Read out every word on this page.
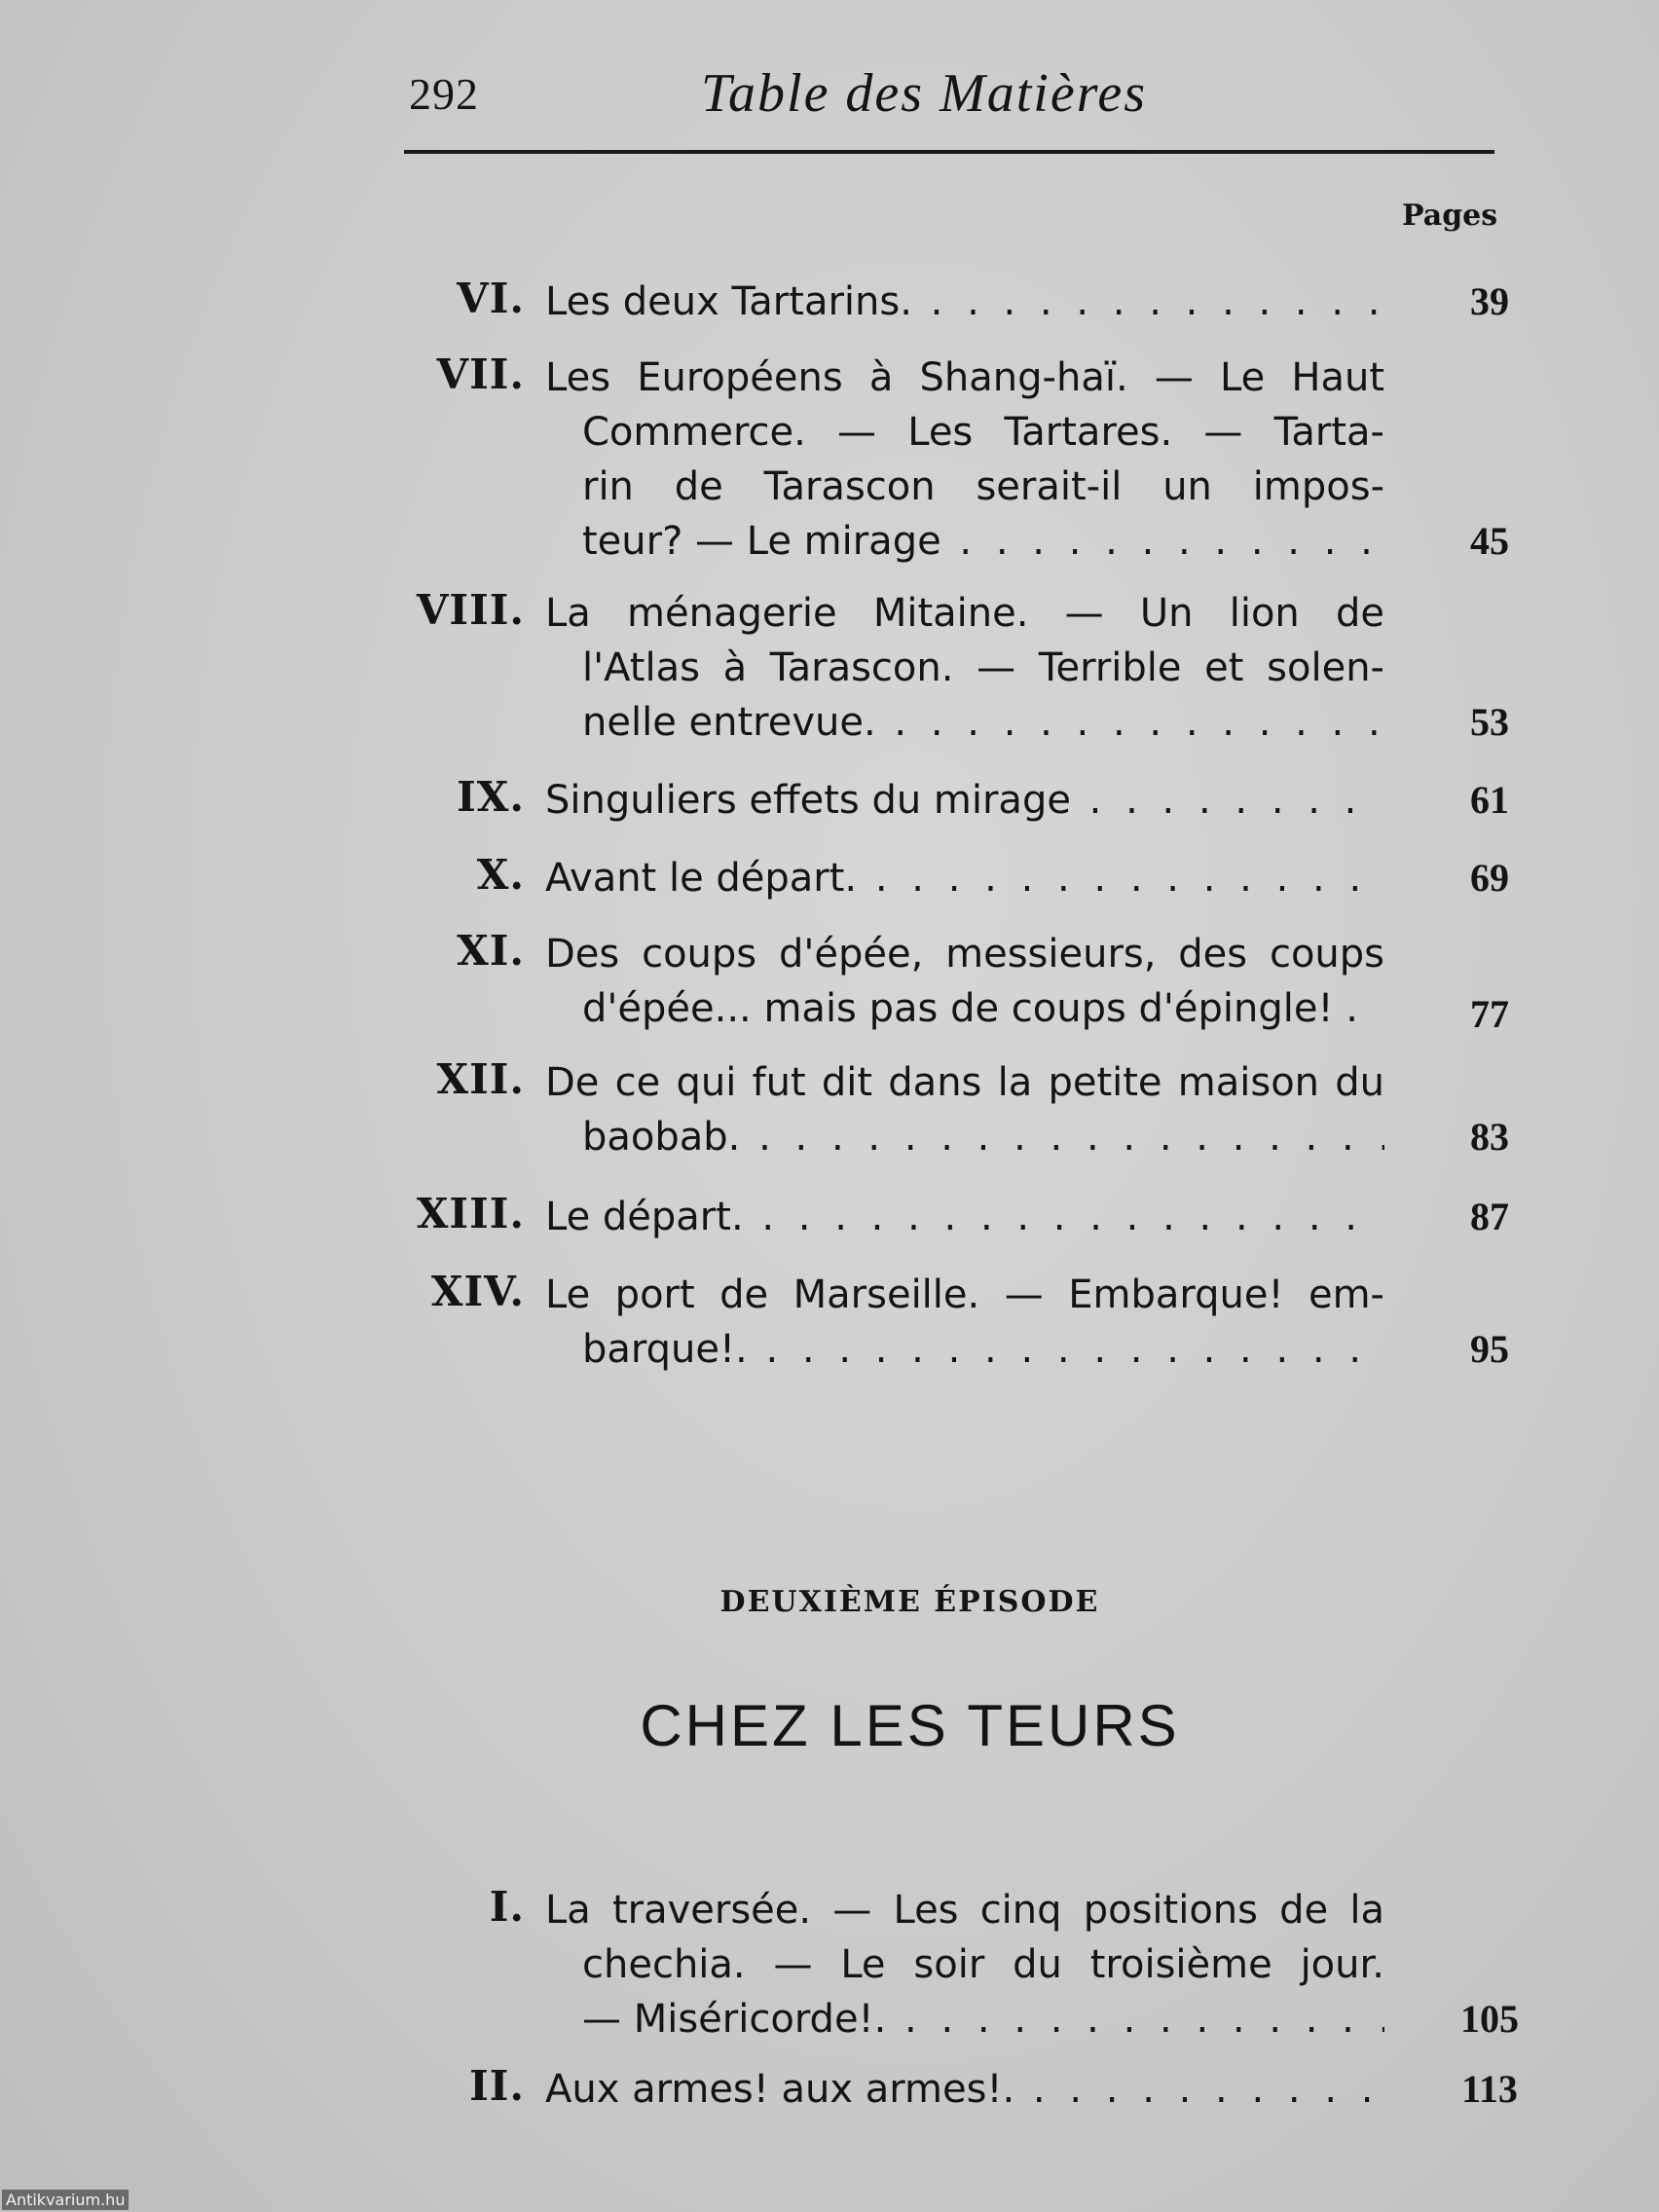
292	Table des Matières
Pages
VI. Les deux Tartarins. . . .	39
VII. Les Européens à Shang-haï. — Le Haut
Commerce. — Les Tartares. — Tarta-
rin de Tarascon serait-il un impos-
teur? — Le mirage . . .	45
VIII. La ménagerie Mitaine. — Un lion de
l'Atlas à Tarascon. — Terrible et solen-
nelle entrevue. . . .	53
IX. Singuliers effets du mirage . . .	61
X. Avant le départ. . . .	69
XI. Des coups d'épée, messieurs, des coups
d'épée... mais pas de coups d'épingle! .	77
XII. De ce qui fut dit dans la petite maison du
baobab. . . .	83
XIII. Le départ. . . .	87
XIV. Le port de Marseille. — Embarque! em-
barque!. . . .	95
DEUXIÈME ÉPISODE
CHEZ LES TEURS
I. La traversée. — Les cinq positions de la
chechia. — Le soir du troisième jour.
— Miséricorde!. . . .	105
II. Aux armes! aux armes!. . . .	113
Antikvarium.hu
